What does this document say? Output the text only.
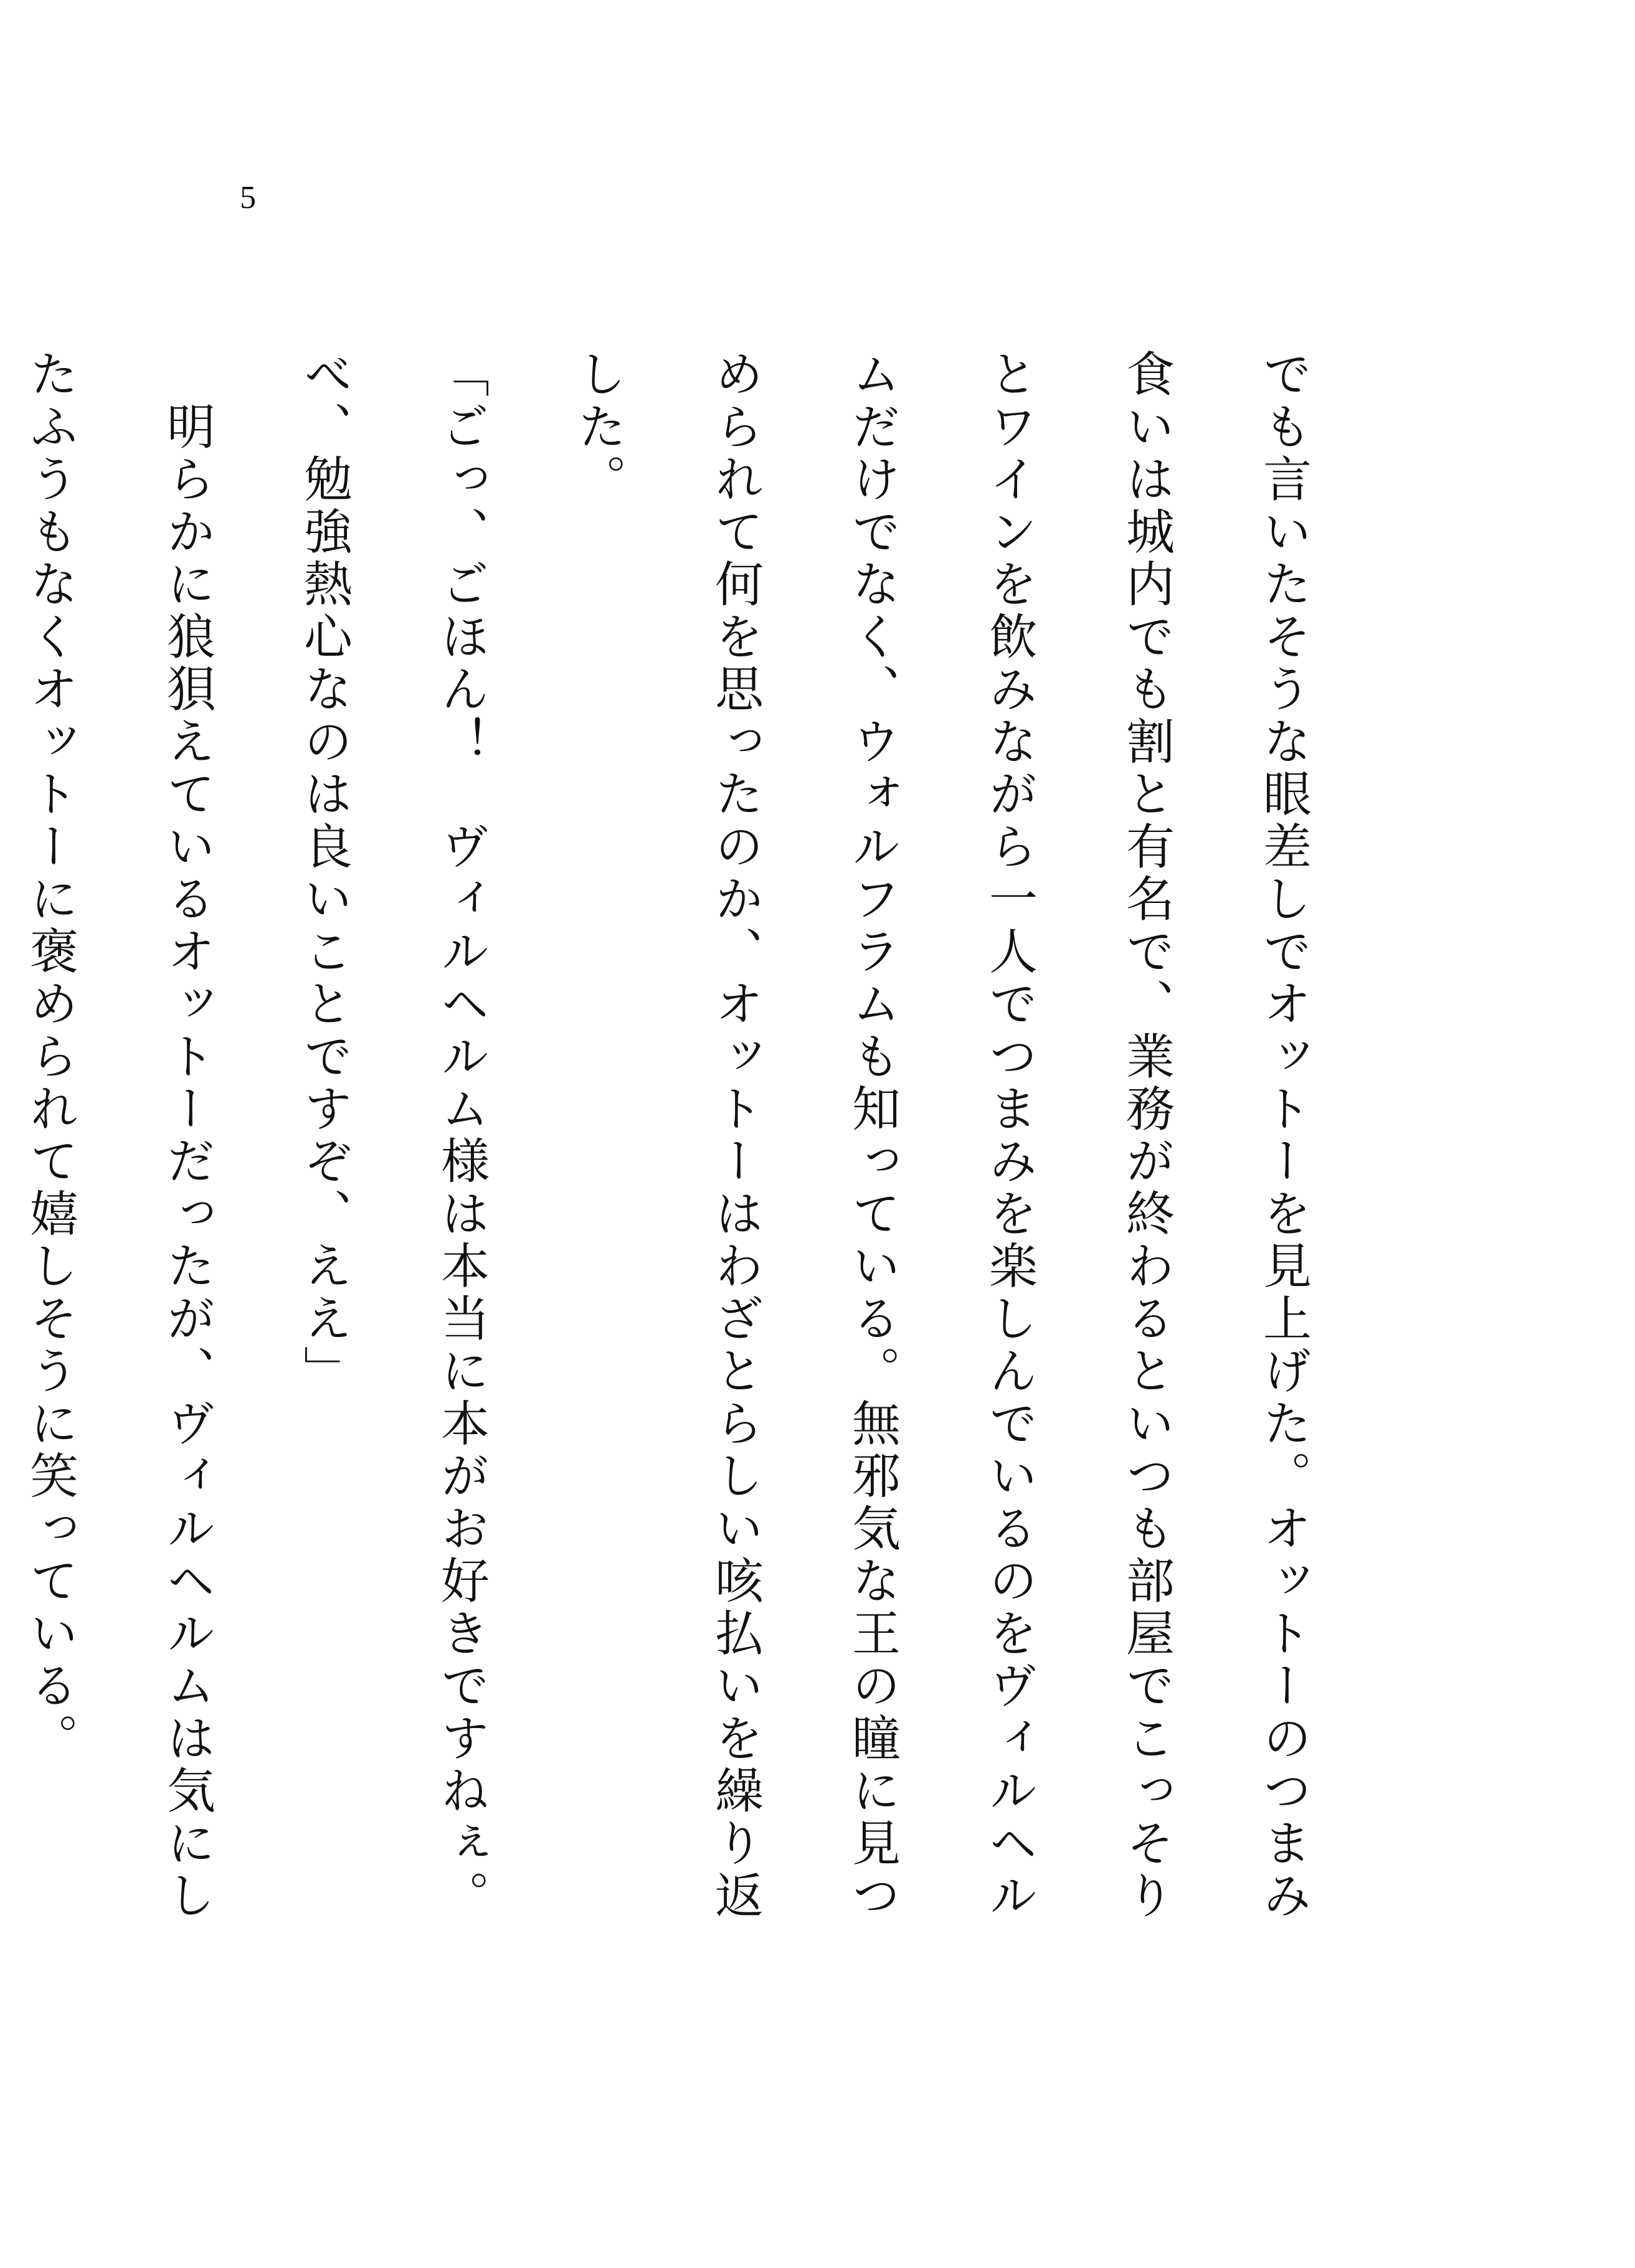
5

でも言いたそうな眼差しでオットーを見上げた。オットーのつまみ食いは城内でも割と有名で、業務が終わるといつも部屋でこっそりとワインを飲みながら一人でつまみを楽しんでいるのをヴィルヘルムだけでなく、ウォルフラムも知っている。無邪気な王の瞳に見つめられて何を思ったのか、オットーはわざとらしい咳払いを繰り返した。

「ごっ、ごほん！　ヴィルヘルム様は本当に本がお好きですねぇ。べ、勉強熱心なのは良いことですぞ、ええ」

　明らかに狼狽えているオットーだったが、ヴィルヘルムは気にしたふうもなくオットーに褒められて嬉しそうに笑っている。
